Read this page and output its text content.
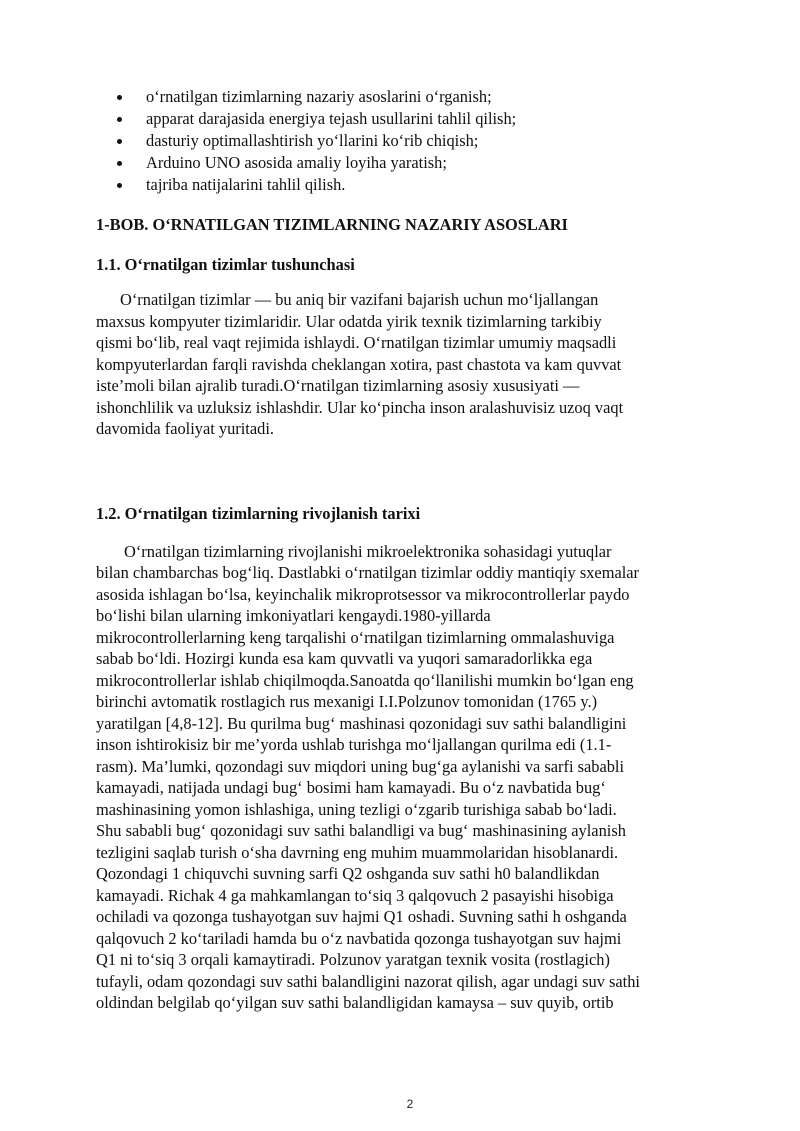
o‘rnatilgan tizimlarning nazariy asoslarini o‘rganish;
apparat darajasida energiya tejash usullarini tahlil qilish;
dasturiy optimallashtirish yo‘llarini ko‘rib chiqish;
Arduino UNO asosida amaliy loyiha yaratish;
tajriba natijalarini tahlil qilish.
1-BOB. O‘RNATILGAN TIZIMLARNING NAZARIY ASOSLARI
1.1. O‘rnatilgan tizimlar tushunchasi
O‘rnatilgan tizimlar — bu aniq bir vazifani bajarish uchun mo‘ljallangan
maxsus kompyuter tizimlaridir. Ular odatda yirik texnik tizimlarning tarkibiy
qismi bo‘lib, real vaqt rejimida ishlaydi. O‘rnatilgan tizimlar umumiy maqsadli
kompyuterlardan farqli ravishda cheklangan xotira, past chastota va kam quvvat
iste’moli bilan ajralib turadi.O‘rnatilgan tizimlarning asosiy xususiyati —
ishonchlilik va uzluksiz ishlashdir. Ular ko‘pincha inson aralashuvisiz uzoq vaqt
davomida faoliyat yuritadi.
1.2. O‘rnatilgan tizimlarning rivojlanish tarixi
O‘rnatilgan tizimlarning rivojlanishi mikroelektronika sohasidagi yutuqlar
bilan chambarchas bog‘liq. Dastlabki o‘rnatilgan tizimlar oddiy mantiqiy sxemalar
asosida ishlagan bo‘lsa, keyinchalik mikroprotsessor va mikrocontrollerlar paydo
bo‘lishi bilan ularning imkoniyatlari kengaydi.1980-yillarda
mikrocontrollerlarning keng tarqalishi o‘rnatilgan tizimlarning ommalashuviga
sabab bo‘ldi. Hozirgi kunda esa kam quvvatli va yuqori samaradorlikka ega
mikrocontrollerlar ishlab chiqilmoqda.Sanoatda qo‘llanilishi mumkin bo‘lgan eng
birinchi avtomatik rostlagich rus mexanigi I.I.Polzunov tomonidan (1765 y.)
yaratilgan [4,8-12]. Bu qurilma bug‘ mashinasi qozonidagi suv sathi balandligini
inson ishtirokisiz bir me’yorda ushlab turishga mo‘ljallangan qurilma edi (1.1-
rasm). Ma’lumki, qozondagi suv miqdori uning bug‘ga aylanishi va sarfi sababli
kamayadi, natijada undagi bug‘ bosimi ham kamayadi. Bu o‘z navbatida bug‘
mashinasining yomon ishlashiga, uning tezligi o‘zgarib turishiga sabab bo‘ladi.
Shu sababli bug‘ qozonidagi suv sathi balandligi va bug‘ mashinasining aylanish
tezligini saqlab turish o‘sha davrning eng muhim muammolaridan hisoblanardi.
Qozondagi 1 chiquvchi suvning sarfi Q2 oshganda suv sathi h0 balandlikdan
kamayadi. Richak 4 ga mahkamlangan to‘siq 3 qalqovuch 2 pasayishi hisobiga
ochiladi va qozonga tushayotgan suv hajmi Q1 oshadi. Suvning sathi h oshganda
qalqovuch 2 ko‘tariladi hamda bu o‘z navbatida qozonga tushayotgan suv hajmi
Q1 ni to‘siq 3 orqali kamaytiradi. Polzunov yaratgan texnik vosita (rostlagich)
tufayli, odam qozondagi suv sathi balandligini nazorat qilish, agar undagi suv sathi
oldindan belgilab qo‘yilgan suv sathi balandligidan kamaysa – suv quyib, ortib
2
